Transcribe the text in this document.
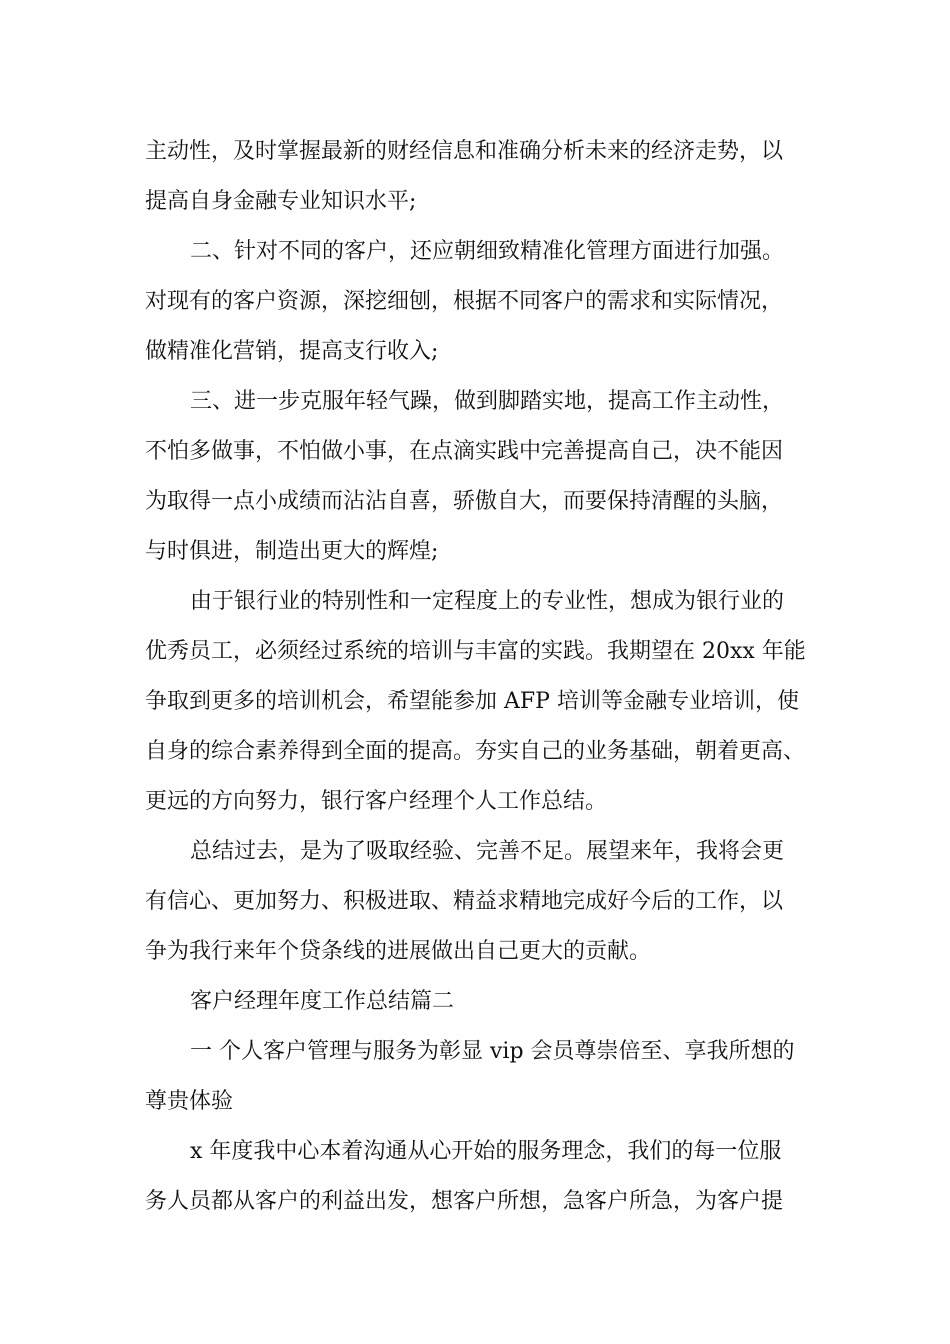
主动性，及时掌握最新的财经信息和准确分析未来的经济走势，以

提高自身金融专业知识水平;

二、针对不同的客户，还应朝细致精准化管理方面进行加强。

对现有的客户资源，深挖细刨，根据不同客户的需求和实际情况，

做精准化营销，提高支行收入;

三、进一步克服年轻气躁，做到脚踏实地，提高工作主动性，

不怕多做事，不怕做小事，在点滴实践中完善提高自己，决不能因

为取得一点小成绩而沾沾自喜，骄傲自大，而要保持清醒的头脑，

与时俱进，制造出更大的辉煌;

由于银行业的特别性和一定程度上的专业性，想成为银行业的

优秀员工，必须经过系统的培训与丰富的实践。我期望在 20xx 年能

争取到更多的培训机会，希望能参加 AFP 培训等金融专业培训，使

自身的综合素养得到全面的提高。夯实自己的业务基础，朝着更高、

更远的方向努力，银行客户经理个人工作总结。

总结过去，是为了吸取经验、完善不足。展望来年，我将会更

有信心、更加努力、积极进取、精益求精地完成好今后的工作，以

争为我行来年个贷条线的进展做出自己更大的贡献。

客户经理年度工作总结篇二

一 个人客户管理与服务为彰显 vip 会员尊崇倍至、享我所想的

尊贵体验

x 年度我中心本着沟通从心开始的服务理念，我们的每一位服

务人员都从客户的利益出发，想客户所想，急客户所急，为客户提
